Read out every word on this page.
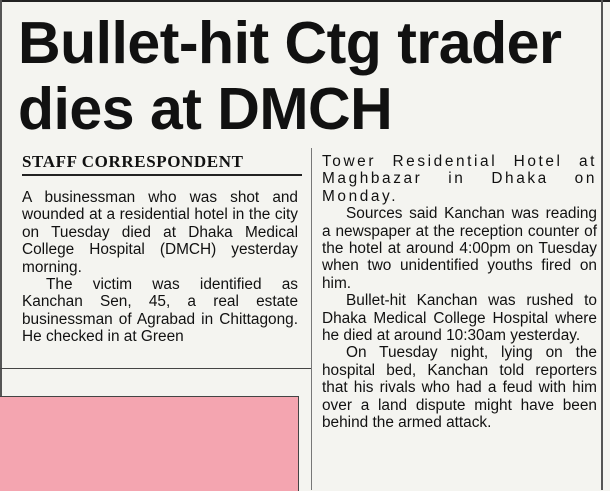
Bullet-hit Ctg trader dies at DMCH
STAFF CORRESPONDENT

A businessman who was shot and wounded at a residential hotel in the city on Tuesday died at Dhaka Medical College Hospital (DMCH) yesterday morning.

The victim was identified as Kanchan Sen, 45, a real estate businessman of Agrabad in Chittagong. He checked in at Green

Tower Residential Hotel at Maghbazar in Dhaka on Monday.

Sources said Kanchan was reading a newspaper at the reception counter of the hotel at around 4:00pm on Tuesday when two unidentified youths fired on him.

Bullet-hit Kanchan was rushed to Dhaka Medical College Hospital where he died at around 10:30am yesterday.

On Tuesday night, lying on the hospital bed, Kanchan told reporters that his rivals who had a feud with him over a land dispute might have been behind the armed attack.
